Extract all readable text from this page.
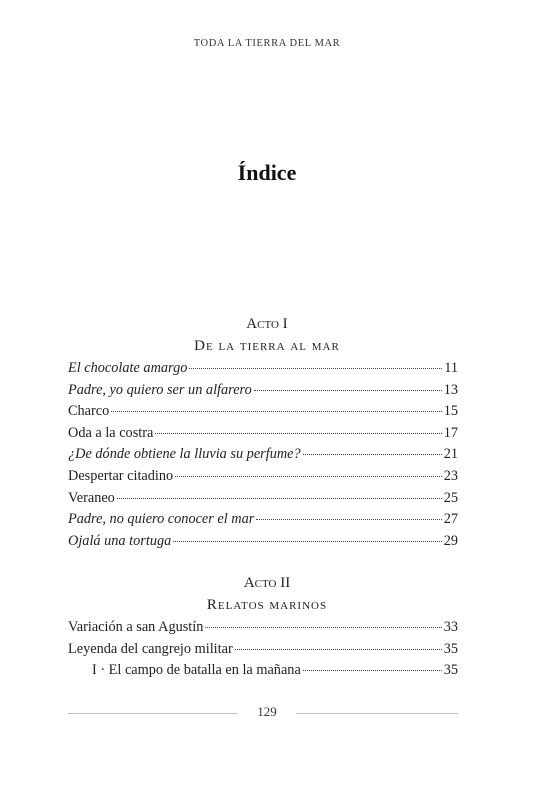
TODA LA TIERRA DEL MAR
Índice
Acto I
De la tierra al mar
El chocolate amargo	11
Padre, yo quiero ser un alfarero	13
Charco	15
Oda a la costra	17
¿De dónde obtiene la lluvia su perfume?	21
Despertar citadino	23
Veraneo	25
Padre, no quiero conocer el mar	27
Ojalá una tortuga	29
Acto II
Relatos marinos
Variación a san Agustín	33
Leyenda del cangrejo militar	35
I · El campo de batalla en la mañana	35
129
